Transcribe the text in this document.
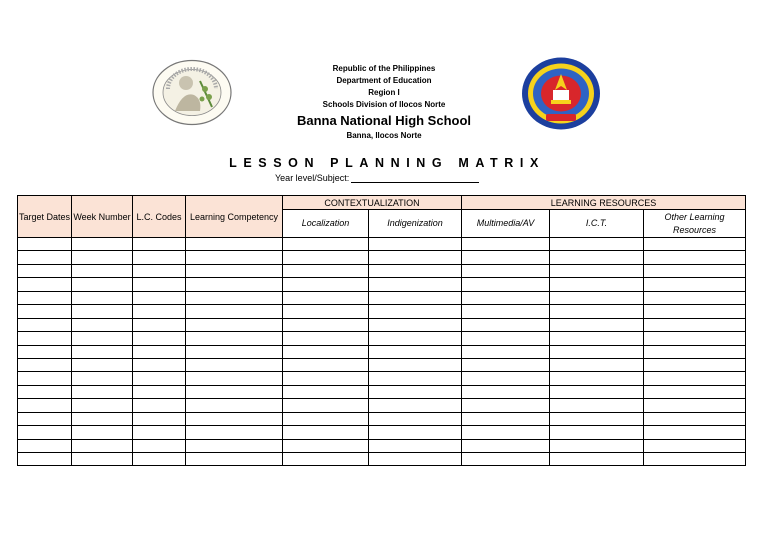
Republic of the Philippines
Department of Education
Region I
Schools Division of Ilocos Norte
Banna National High School
Banna, Ilocos Norte
LESSON PLANNING MATRIX
Year level/Subject:
Target Dates	Week Number	L.C. Codes	Learning Competency	CONTEXTUALIZATION		LEARNING RESOURCES		
				Localization	Indigenization	Multimedia/AV	I.C.T.	Other Learning Resources
